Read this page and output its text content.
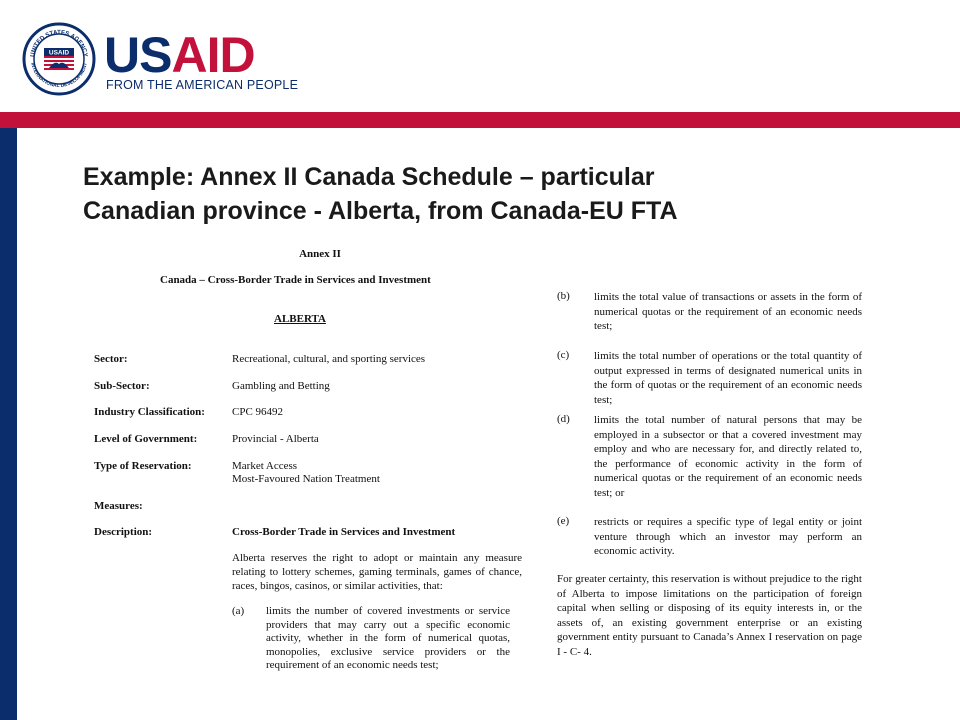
UNITED STATES AGENCY
INTERNATIONAL DEVELOPMENT
USAID USAID
FROM THE AMERICAN PEOPLE
Example: Annex II Canada Schedule – particular
Canadian province - Alberta, from Canada-EU FTA
Annex II
Canada – Cross-Border Trade in Services and Investment
ALBERTA
Sector:	Recreational, cultural, and sporting services
Sub-Sector:	Gambling and Betting
Industry Classification: CPC 96492
Level of Government:	Provincial - Alberta
Type of Reservation:	Market Access
Most-Favoured Nation Treatment
Measures:
Description:	Cross-Border Trade in Services and Investment
Alberta reserves the right to adopt or maintain any measure relating to lottery schemes, gaming terminals, games of chance, races, bingos, casinos, or similar activities, that:
(a) limits the number of covered investments or service providers that may carry out a specific economic activity, whether in the form of numerical quotas, monopolies, exclusive service providers or the requirement of an economic needs test;
(b) limits the total value of transactions or assets in the form of numerical quotas or the requirement of an economic needs test;
(c) limits the total number of operations or the total quantity of output expressed in terms of designated numerical units in the form of quotas or the requirement of an economic needs test;
(d) limits the total number of natural persons that may be employed in a subsector or that a covered investment may employ and who are necessary for, and directly related to, the performance of economic activity in the form of numerical quotas or the requirement of an economic needs test; or
(e) restricts or requires a specific type of legal entity or joint venture through which an investor may perform an economic activity.
For greater certainty, this reservation is without prejudice to the right of Alberta to impose limitations on the participation of foreign capital when selling or disposing of its equity interests in, or the assets of, an existing government enterprise or an existing government entity pursuant to Canada’s Annex I reservation on page I - C- 4.
